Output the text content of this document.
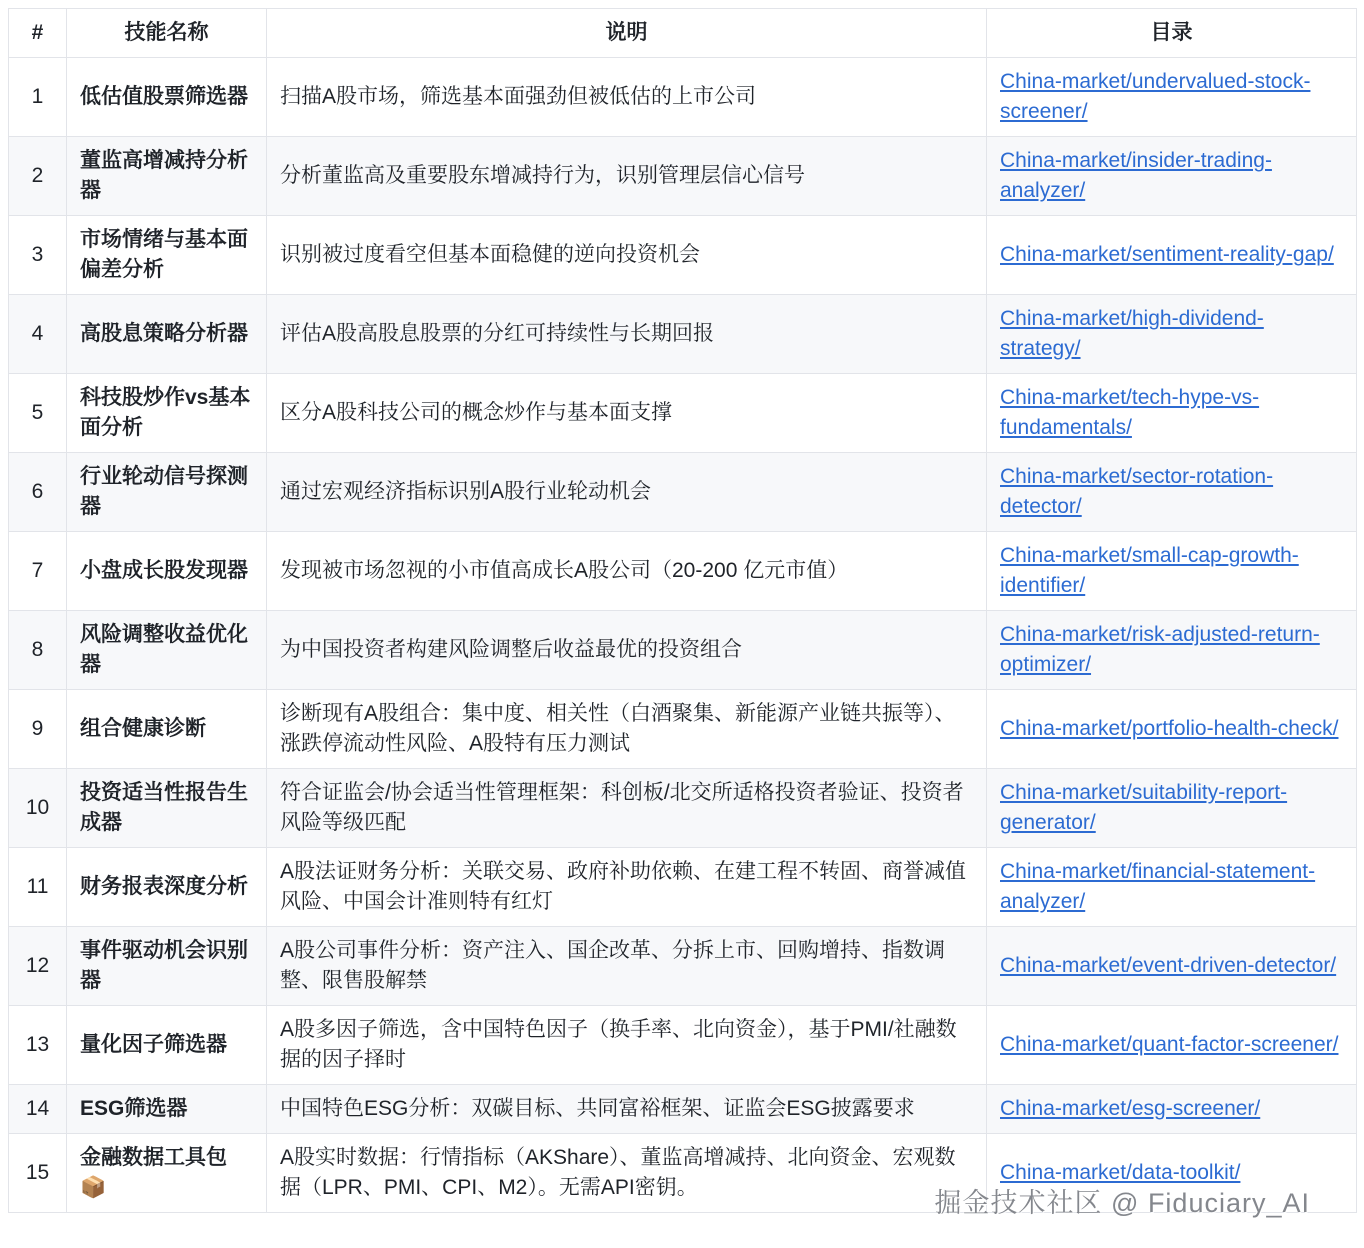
#	技能名称	说明	目录
1	低估值股票筛选器	扫描A股市场，筛选基本面强劲但被低估的上市公司	China-market/undervalued-stock-screener/
2	董监高增减持分析器	分析董监高及重要股东增减持行为，识别管理层信心信号	China-market/insider-trading-analyzer/
3	市场情绪与基本面偏差分析	识别被过度看空但基本面稳健的逆向投资机会	China-market/sentiment-reality-gap/
4	高股息策略分析器	评估A股高股息股票的分红可持续性与长期回报	China-market/high-dividend-strategy/
5	科技股炒作vs基本面分析	区分A股科技公司的概念炒作与基本面支撑	China-market/tech-hype-vs-fundamentals/
6	行业轮动信号探测器	通过宏观经济指标识别A股行业轮动机会	China-market/sector-rotation-detector/
7	小盘成长股发现器	发现被市场忽视的小市值高成长A股公司（20-200 亿元市值）	China-market/small-cap-growth-identifier/
8	风险调整收益优化器	为中国投资者构建风险调整后收益最优的投资组合	China-market/risk-adjusted-return-optimizer/
9	组合健康诊断	诊断现有A股组合：集中度、相关性（白酒聚集、新能源产业链共振等）、涨跌停流动性风险、A股特有压力测试	China-market/portfolio-health-check/
10	投资适当性报告生成器	符合证监会/协会适当性管理框架：科创板/北交所适格投资者验证、投资者风险等级匹配	China-market/suitability-report-generator/
11	财务报表深度分析	A股法证财务分析：关联交易、政府补助依赖、在建工程不转固、商誉减值风险、中国会计准则特有红灯	China-market/financial-statement-analyzer/
12	事件驱动机会识别器	A股公司事件分析：资产注入、国企改革、分拆上市、回购增持、指数调整、限售股解禁	China-market/event-driven-detector/
13	量化因子筛选器	A股多因子筛选，含中国特色因子（换手率、北向资金），基于PMI/社融数据的因子择时	China-market/quant-factor-screener/
14	ESG筛选器	中国特色ESG分析：双碳目标、共同富裕框架、证监会ESG披露要求	China-market/esg-screener/
15	金融数据工具包 📦	A股实时数据：行情指标（AKShare）、董监高增减持、北向资金、宏观数据（LPR、PMI、CPI、M2）。无需API密钥。	China-market/data-toolkit/
掘金技术社区 @ Fiduciary_AI
